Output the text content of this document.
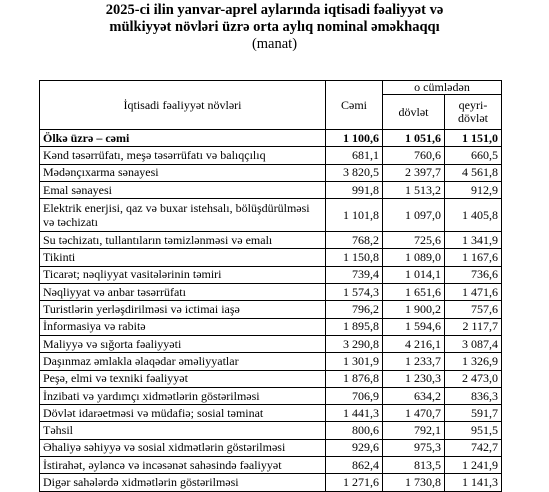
2025-ci ilin yanvar-aprel aylarında iqtisadi fəaliyyət və
mülkiyyət növləri üzrə orta aylıq nominal əməkhaqqı
(manat)
İqtisadi fəaliyyət növləri	Cəmi	o cümlədən	
		dövlət	qeyri-
dövlət

Ölkə üzrə – cəmi	1 100,6	1 051,6	1 151,0
Kənd təsərrüfatı, meşə təsərrüfatı və balıqçılıq	681,1	760,6	660,5
Mədənçıxarma sənayesi	3 820,5	2 397,7	4 561,8
Emal sənayesi	991,8	1 513,2	912,9
Elektrik enerjisi, qaz və buxar istehsalı, bölüşdürülməsi və təchizatı	1 101,8	1 097,0	1 405,8
Su təchizatı, tullantıların təmizlənməsi və emalı	768,2	725,6	1 341,9
Tikinti	1 150,8	1 089,0	1 167,6
Ticarət; nəqliyyat vasitələrinin təmiri	739,4	1 014,1	736,6
Nəqliyyat və anbar təsərrüfatı	1 574,3	1 651,6	1 471,6
Turistlərin yerləşdirilməsi və ictimai iaşə	796,2	1 900,2	757,6
İnformasiya və rabitə	1 895,8	1 594,6	2 117,7
Maliyyə və sığorta fəaliyyəti	3 290,8	4 216,1	3 087,4
Daşınmaz əmlakla əlaqədar əməliyyatlar	1 301,9	1 233,7	1 326,9
Peşə, elmi və texniki fəaliyyət	1 876,8	1 230,3	2 473,0
İnzibati və yardımçı xidmətlərin göstərilməsi	706,9	634,2	836,3
Dövlət idarəetməsi və müdafiə; sosial təminat	1 441,3	1 470,7	591,7
Təhsil	800,6	792,1	951,5
Əhaliyə səhiyyə və sosial xidmətlərin göstərilməsi	929,6	975,3	742,7
İstirahət, əyləncə və incəsənət sahəsində fəaliyyət	862,4	813,5	1 241,9
Digər sahələrdə xidmətlərin göstərilməsi	1 271,6	1 730,8	1 141,3
